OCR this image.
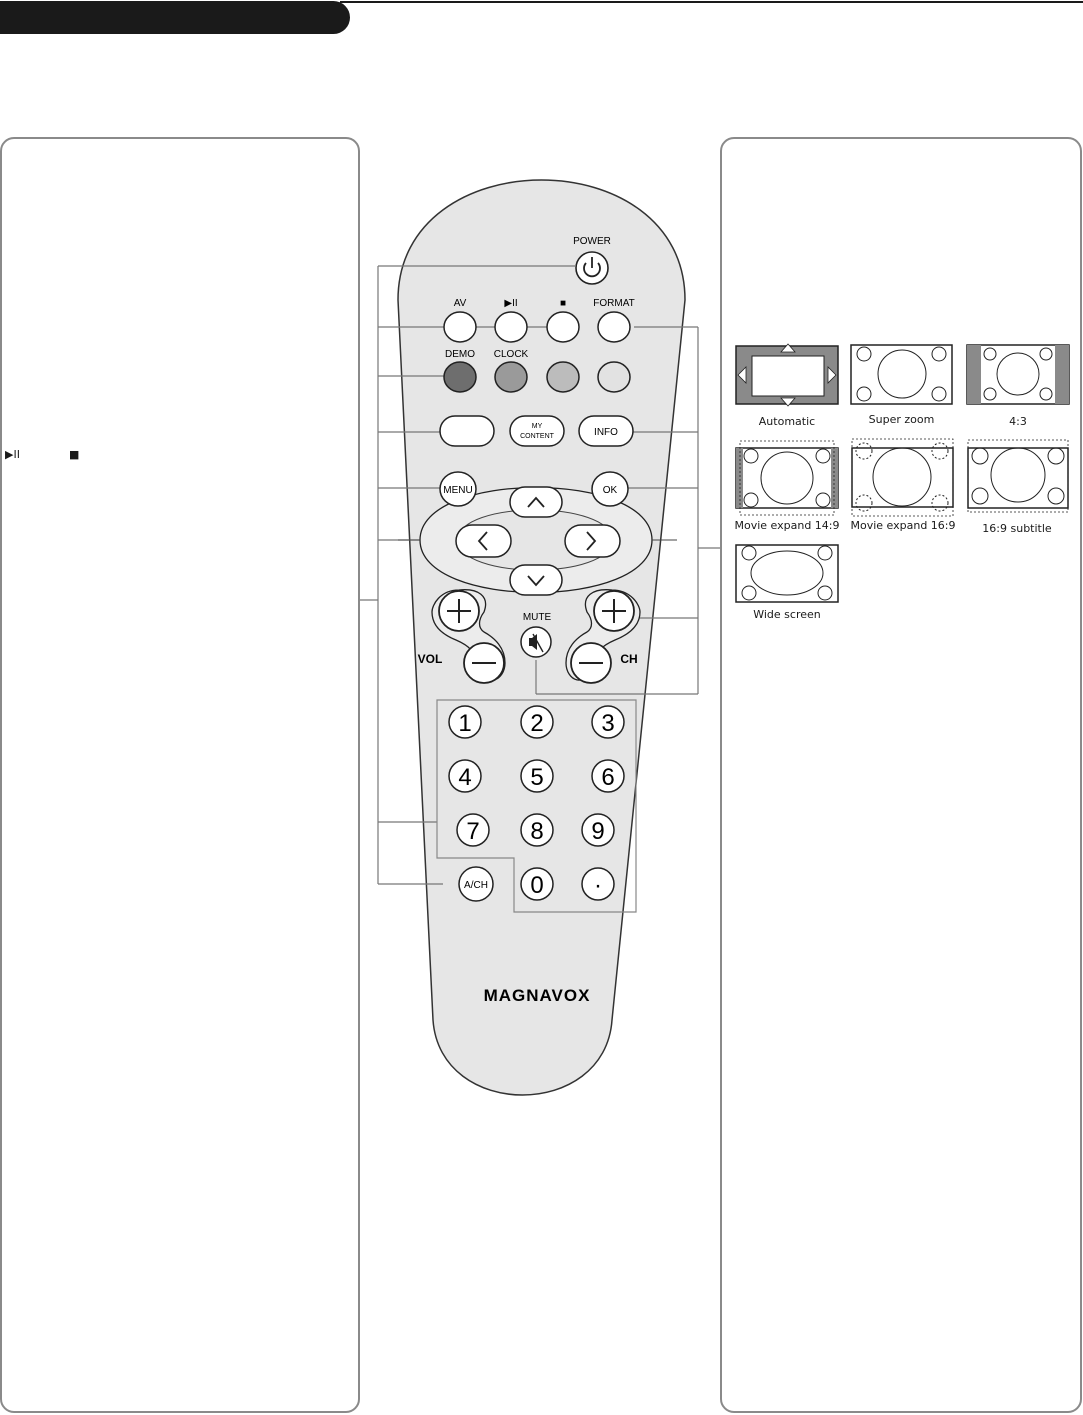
▶II	■
POWER
AV	▶II	■	FORMAT
DEMO CLOCK
MY
CONTENT	INFO
MENU	OK
VOL	CH
MUTE
1 2 3
4 5 6
7 8 9
0 ·
A/CH
MAGNAVOX
Automatic	Super zoom	4:3
Movie expand 14:9 Movie expand 16:9	16:9 subtitle
Wide screen
